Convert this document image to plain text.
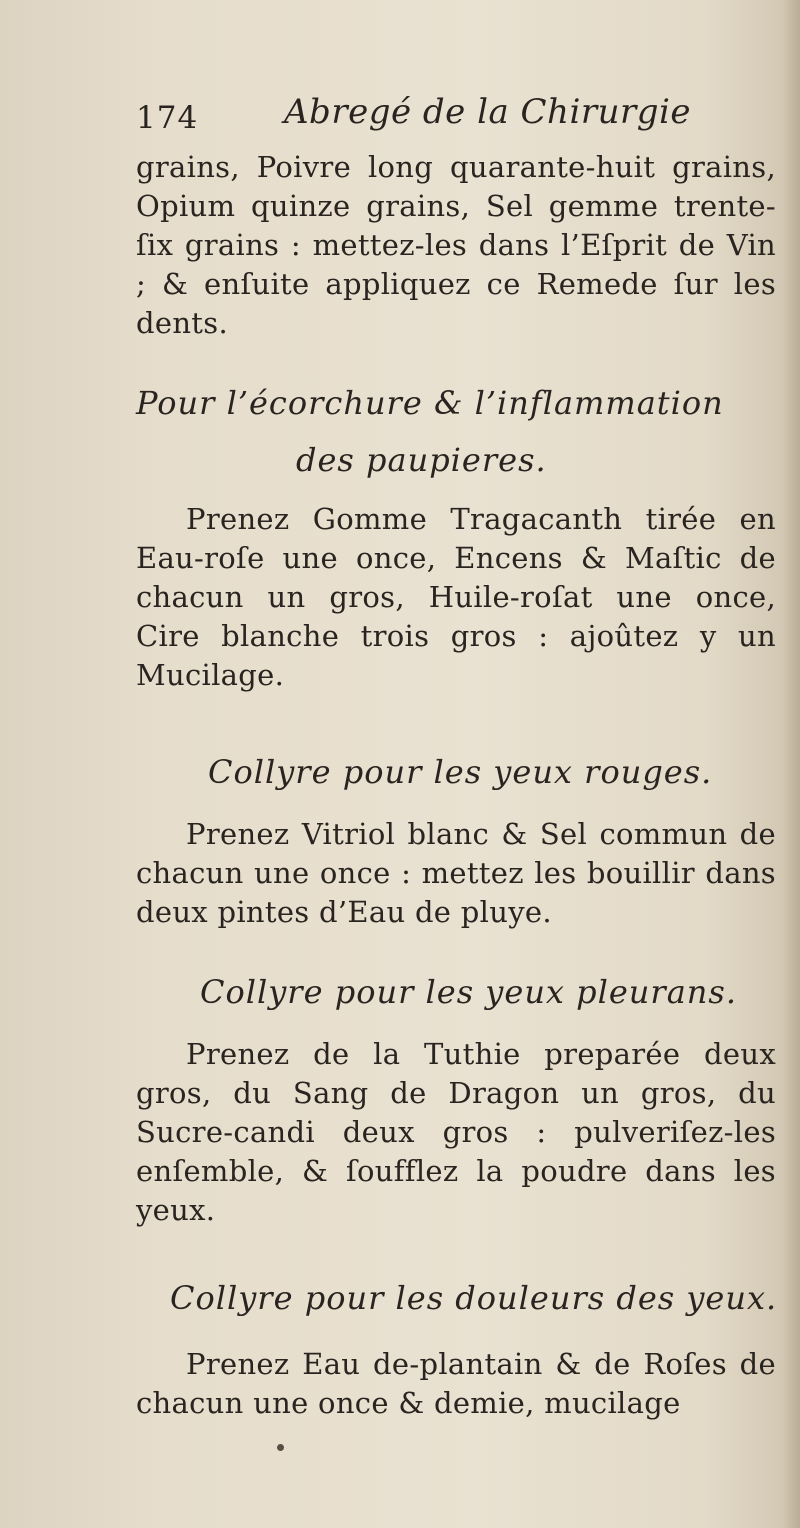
174	Abregé de la Chirurgie

grains, Poivre long quarante-huit grains, Opium quinze grains, Sel gemme trente-ſix grains : mettez-les dans l’Eſprit de Vin ; & enſuite appliquez ce Remede ſur les dents.

Pour l’écorchure & l’inflammation

des paupieres.

Prenez Gomme Tragacanth tirée en Eau-roſe une once, Encens & Maſtic de chacun un gros, Huile-roſat une once, Cire blanche trois gros : ajoûtez y un Mucilage.

Collyre pour les yeux rouges.

Prenez Vitriol blanc & Sel commun de chacun une once : mettez les bouillir dans deux pintes d’Eau de pluye.

Collyre pour les yeux pleurans.

Prenez de la Tuthie preparée deux gros, du Sang de Dragon un gros, du Sucre-candi deux gros : pulveriſez-les enſemble, & ſoufflez la poudre dans les yeux.

Collyre pour les douleurs des yeux.

Prenez Eau de-plantain & de Roſes de chacun une once & demie, mucilage
